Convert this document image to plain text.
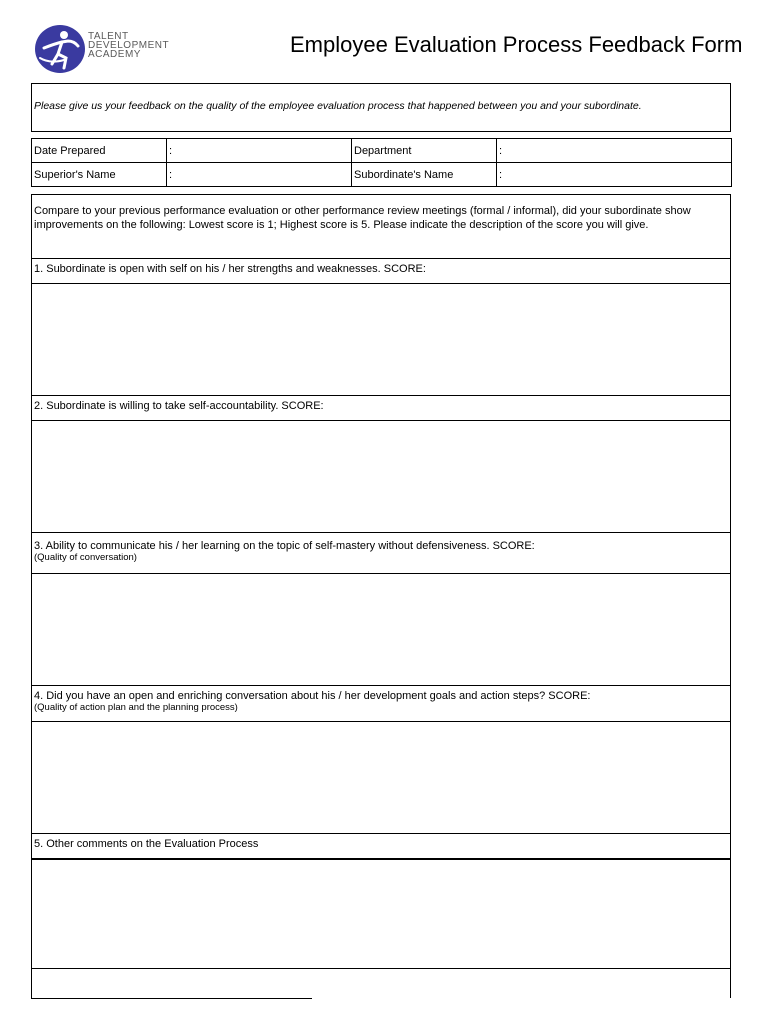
TALENT
DEVELOPMENT
ACADEMY	Employee Evaluation Process Feedback Form
Please give us your feedback on the quality of the employee evaluation process that happened between you and your subordinate.
Date Prepared	:	Department	:
Superior's Name	:	Subordinate's Name	:

Compare to your previous performance evaluation or other performance review meetings (formal / informal), did your subordinate show improvements on the following: Lowest score is 1; Highest score is 5. Please indicate the description of the score you will give.

1. Subordinate is open with self on his / her strengths and weaknesses. SCORE:
2. Subordinate is willing to take self-accountability. SCORE:
3. Ability to communicate his / her learning on the topic of self-mastery without defensiveness. SCORE:
(Quality of conversation)
4. Did you have an open and enriching conversation about his / her development goals and action steps? SCORE:
(Quality of action plan and the planning process)
5. Other comments on the Evaluation Process
